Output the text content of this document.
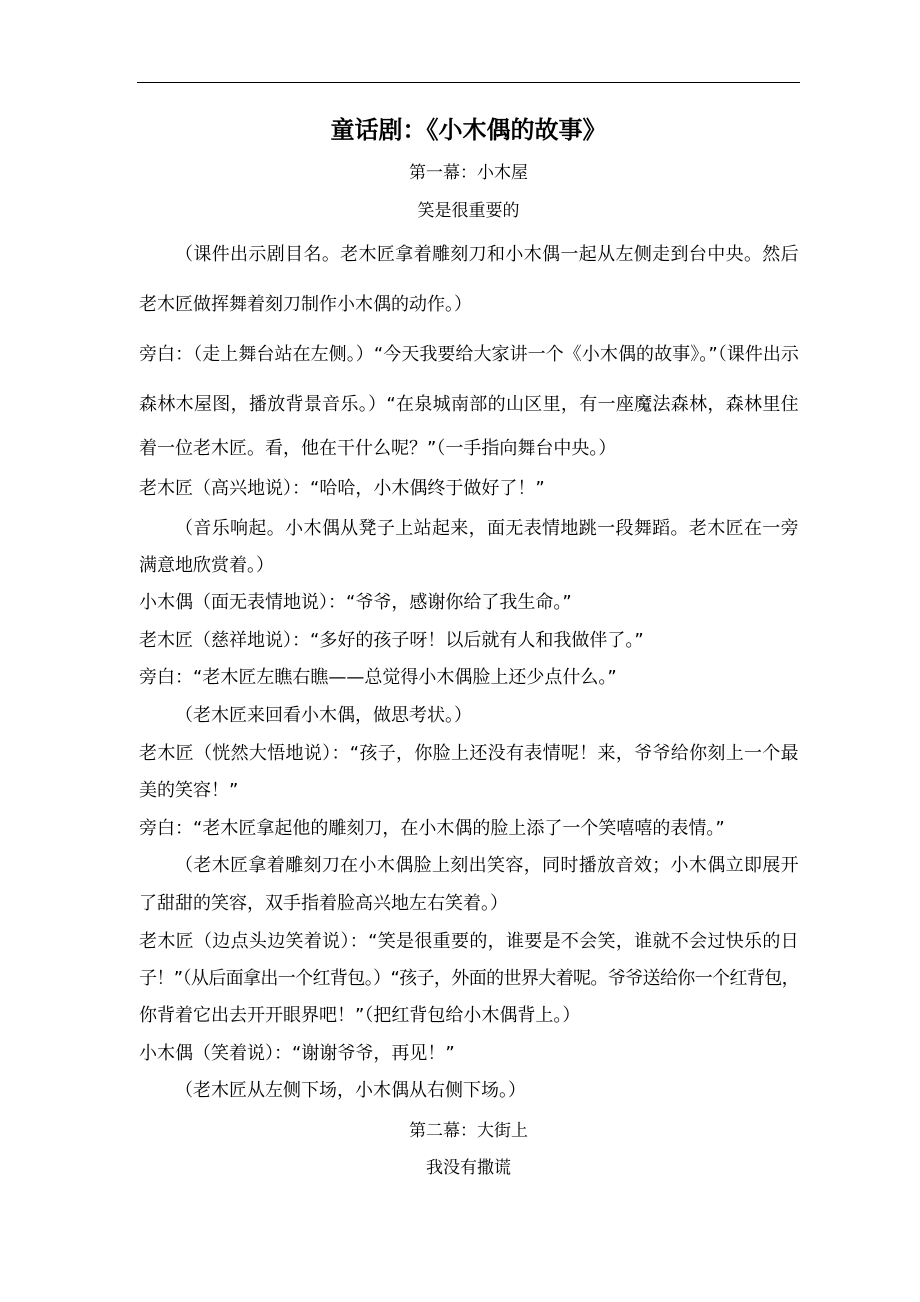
童话剧：《小木偶的故事》
第一幕：小木屋
笑是很重要的
（课件出示剧目名。老木匠拿着雕刻刀和小木偶一起从左侧走到台中央。然后
老木匠做挥舞着刻刀制作小木偶的动作。）
旁白：（走上舞台站在左侧。）“今天我要给大家讲一个《小木偶的故事》。”（课件出示
森林木屋图，播放背景音乐。）“在泉城南部的山区里，有一座魔法森林，森林里住
着一位老木匠。看，他在干什么呢？”（一手指向舞台中央。）
老木匠（高兴地说）：“哈哈，小木偶终于做好了！”
（音乐响起。小木偶从凳子上站起来，面无表情地跳一段舞蹈。老木匠在一旁
满意地欣赏着。）
小木偶（面无表情地说）：“爷爷，感谢你给了我生命。”
老木匠（慈祥地说）：“多好的孩子呀！以后就有人和我做伴了。”
旁白：“老木匠左瞧右瞧——总觉得小木偶脸上还少点什么。”
（老木匠来回看小木偶，做思考状。）
老木匠（恍然大悟地说）：“孩子，你脸上还没有表情呢！来，爷爷给你刻上一个最
美的笑容！”
旁白：“老木匠拿起他的雕刻刀，在小木偶的脸上添了一个笑嘻嘻的表情。”
（老木匠拿着雕刻刀在小木偶脸上刻出笑容，同时播放音效；小木偶立即展开
了甜甜的笑容，双手指着脸高兴地左右笑着。）
老木匠（边点头边笑着说）：“笑是很重要的，谁要是不会笑，谁就不会过快乐的日
子！”（从后面拿出一个红背包。）“孩子，外面的世界大着呢。爷爷送给你一个红背包，
你背着它出去开开眼界吧！”（把红背包给小木偶背上。）
小木偶（笑着说）：“谢谢爷爷，再见！”
（老木匠从左侧下场，小木偶从右侧下场。）
第二幕：大街上
我没有撒谎
